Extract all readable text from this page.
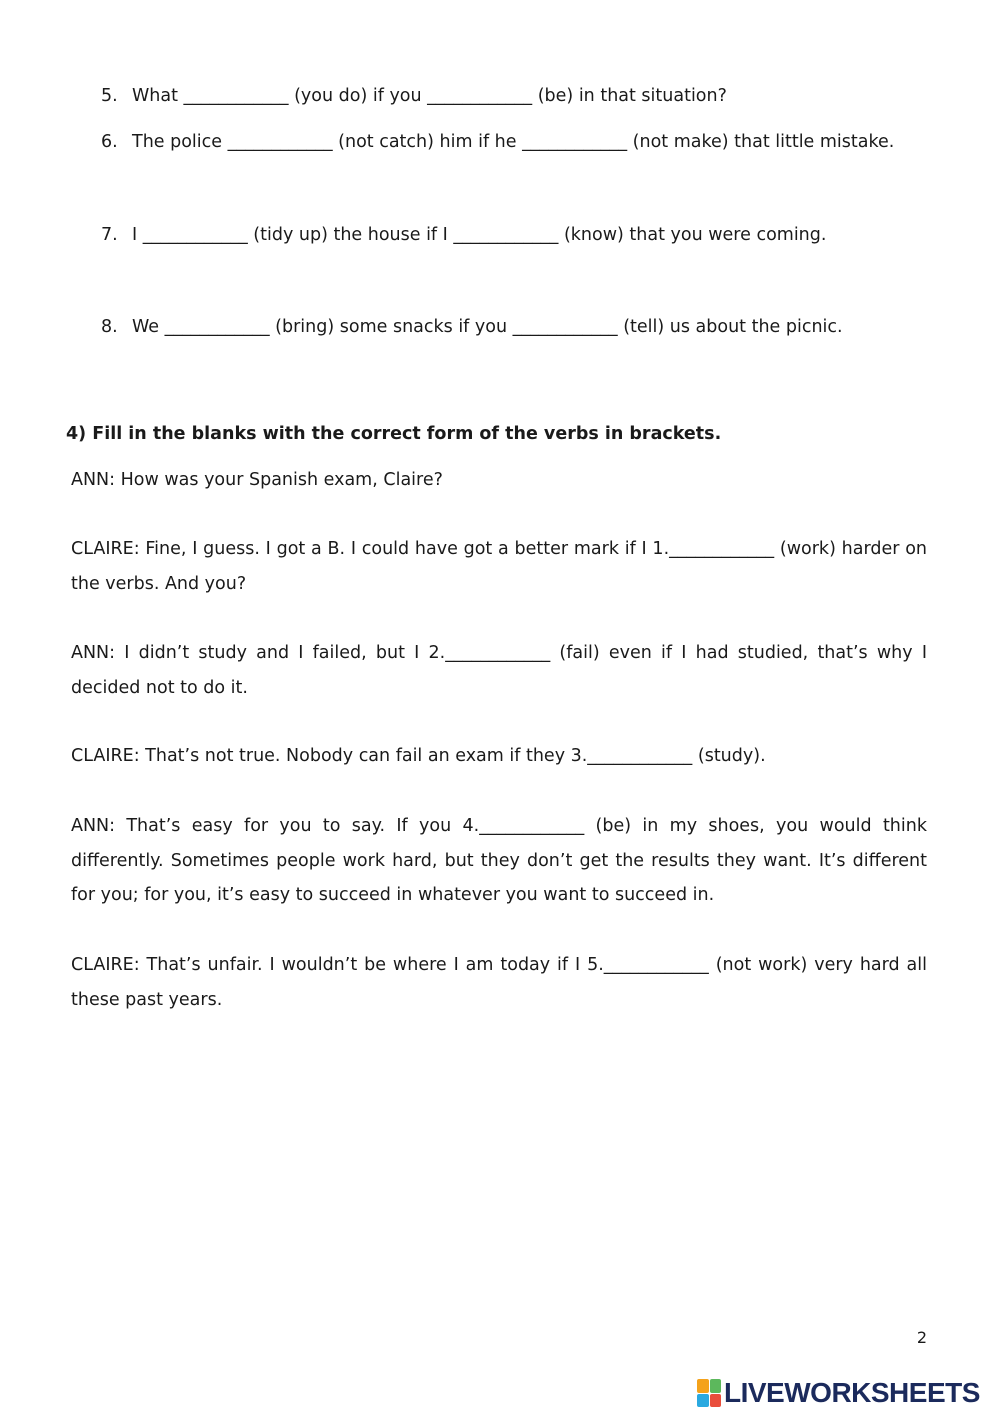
5. What ____________ (you do) if you ____________ (be) in that situation?
6. The police ____________ (not catch) him if he ____________ (not make) that little mistake.
7. I ____________ (tidy up) the house if I ____________ (know) that you were coming.
8. We ____________ (bring) some snacks if you ____________ (tell) us about the picnic.
4) Fill in the blanks with the correct form of the verbs in brackets.
ANN: How was your Spanish exam, Claire?
CLAIRE: Fine, I guess. I got a B. I could have got a better mark if I 1.____________ (work) harder on the verbs. And you?
ANN: I didn’t study and I failed, but I 2.____________ (fail) even if I had studied, that’s why I decided not to do it.
CLAIRE: That’s not true. Nobody can fail an exam if they 3.____________ (study).
ANN: That’s easy for you to say. If you 4.____________ (be) in my shoes, you would think differently. Sometimes people work hard, but they don’t get the results they want. It’s different for you; for you, it’s easy to succeed in whatever you want to succeed in.
CLAIRE: That’s unfair. I wouldn’t be where I am today if I 5.____________ (not work) very hard all these past years.
2
LIVEWORKSHEETS
